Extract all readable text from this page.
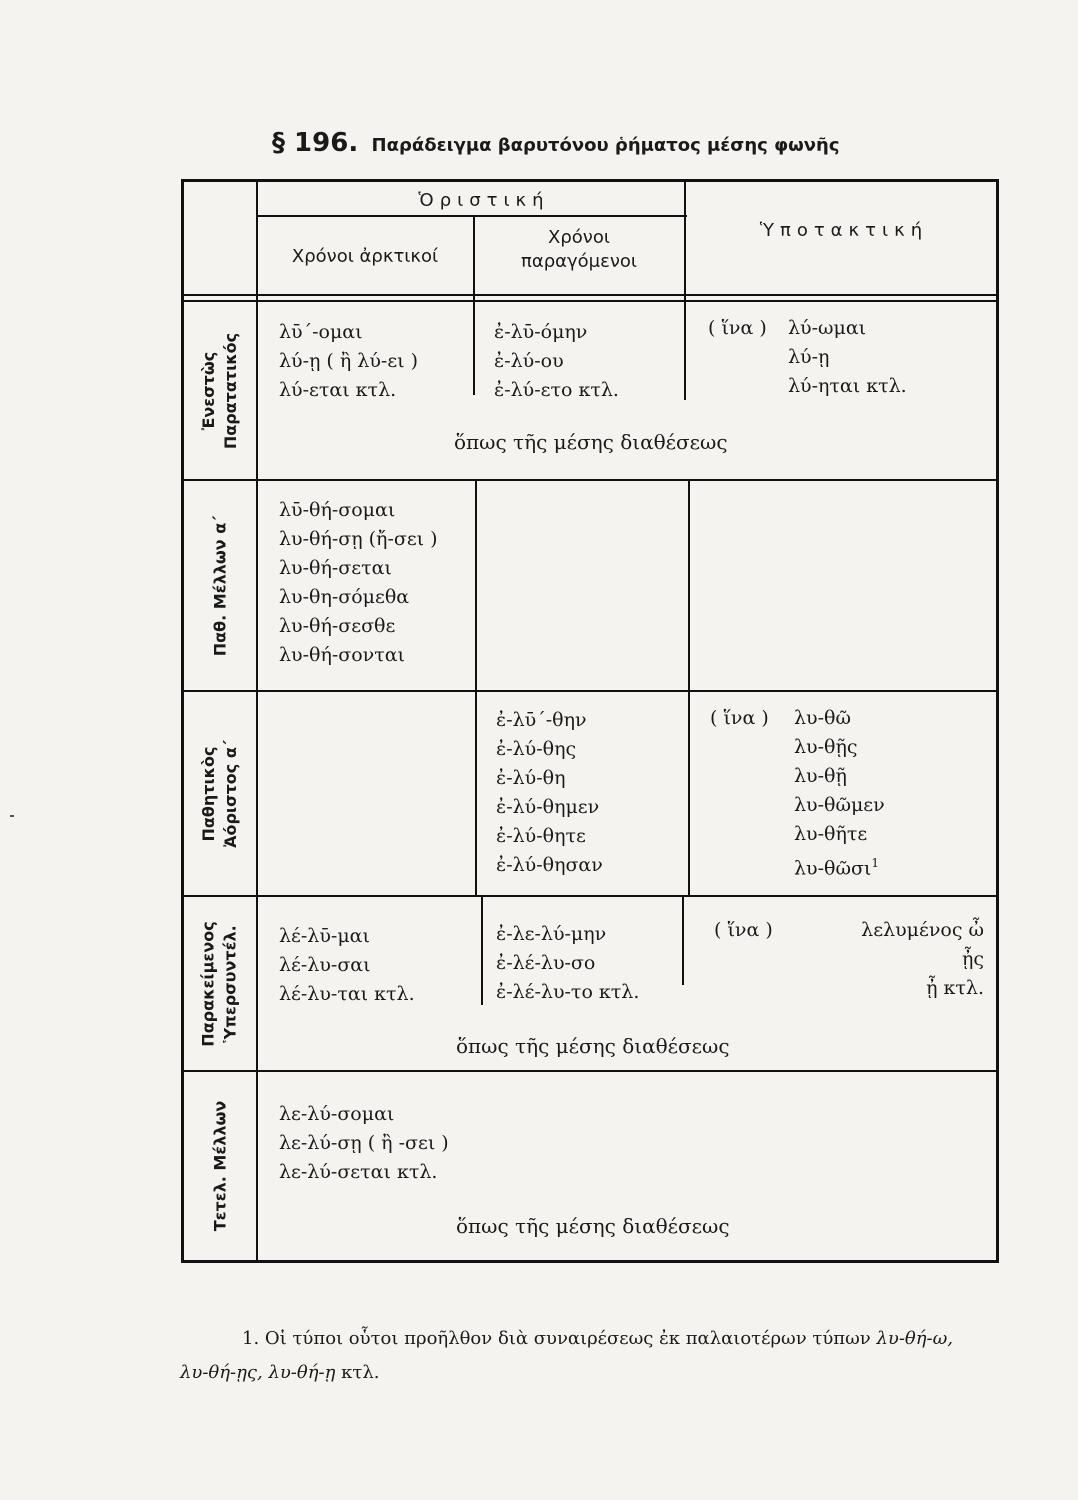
§ 196. Παράδειγμα βαρυτόνου ῥήματος μέσης φωνῆς
Ὁριστική
Χρόνοι ἀρκτικοί
Χρόνοι
παραγόμενοι
Ὑποτακτική
Ἐνεστὼς Παρατατικός
λῡ΄-ομαι
λύ-ῃ ( ἢ λύ-ει )
λύ-εται κτλ.
ἐ-λῡ-όμην
ἐ-λύ-ου
ἐ-λύ-ετο κτλ.
( ἵνα ) λύ-ωμαι
λύ-ῃ
λύ-ηται κτλ.
ὅπως τῆς μέσης διαθέσεως
Παθ. Μέλλων α΄
λῡ-θή-σομαι
λυ-θή-σῃ (ἤ-σει )
λυ-θή-σεται
λυ-θη-σόμεθα
λυ-θή-σεσθε
λυ-θή-σονται
Παθητικὸς Ἀόριστος α΄
ἐ-λῡ΄-θην
ἐ-λύ-θης
ἐ-λύ-θη
ἐ-λύ-θημεν
ἐ-λύ-θητε
ἐ-λύ-θησαν
( ἵνα ) λυ-θῶ
λυ-θῇς
λυ-θῇ
λυ-θῶμεν
λυ-θῆτε
λυ-θῶσι$^1$
Παρακείμενος Ὑπερσυντέλ. λέ-λῡ-μαι
λέ-λυ-σαι
λέ-λυ-ται κτλ.
ἐ-λε-λύ-μην
ἐ-λέ-λυ-σο
ἐ-λέ-λυ-το κτλ.
( ἵνα )	λελυμένος ὦ
ᾖς
ᾖ κτλ.
ὅπως τῆς μέσης διαθέσεως
Τετελ. Μέλλων	λε-λύ-σομαι
λε-λύ-σῃ ( ἢ -σει )
λε-λύ-σεται κτλ.
ὅπως τῆς μέσης διαθέσεως
1. Οἱ τύποι οὗτοι προῆλθον διὰ συναιρέσεως ἐκ παλαιοτέρων τύπων λυ-θή-ω,
λυ-θή-ῃς, λυ-θή-ῃ κτλ.
